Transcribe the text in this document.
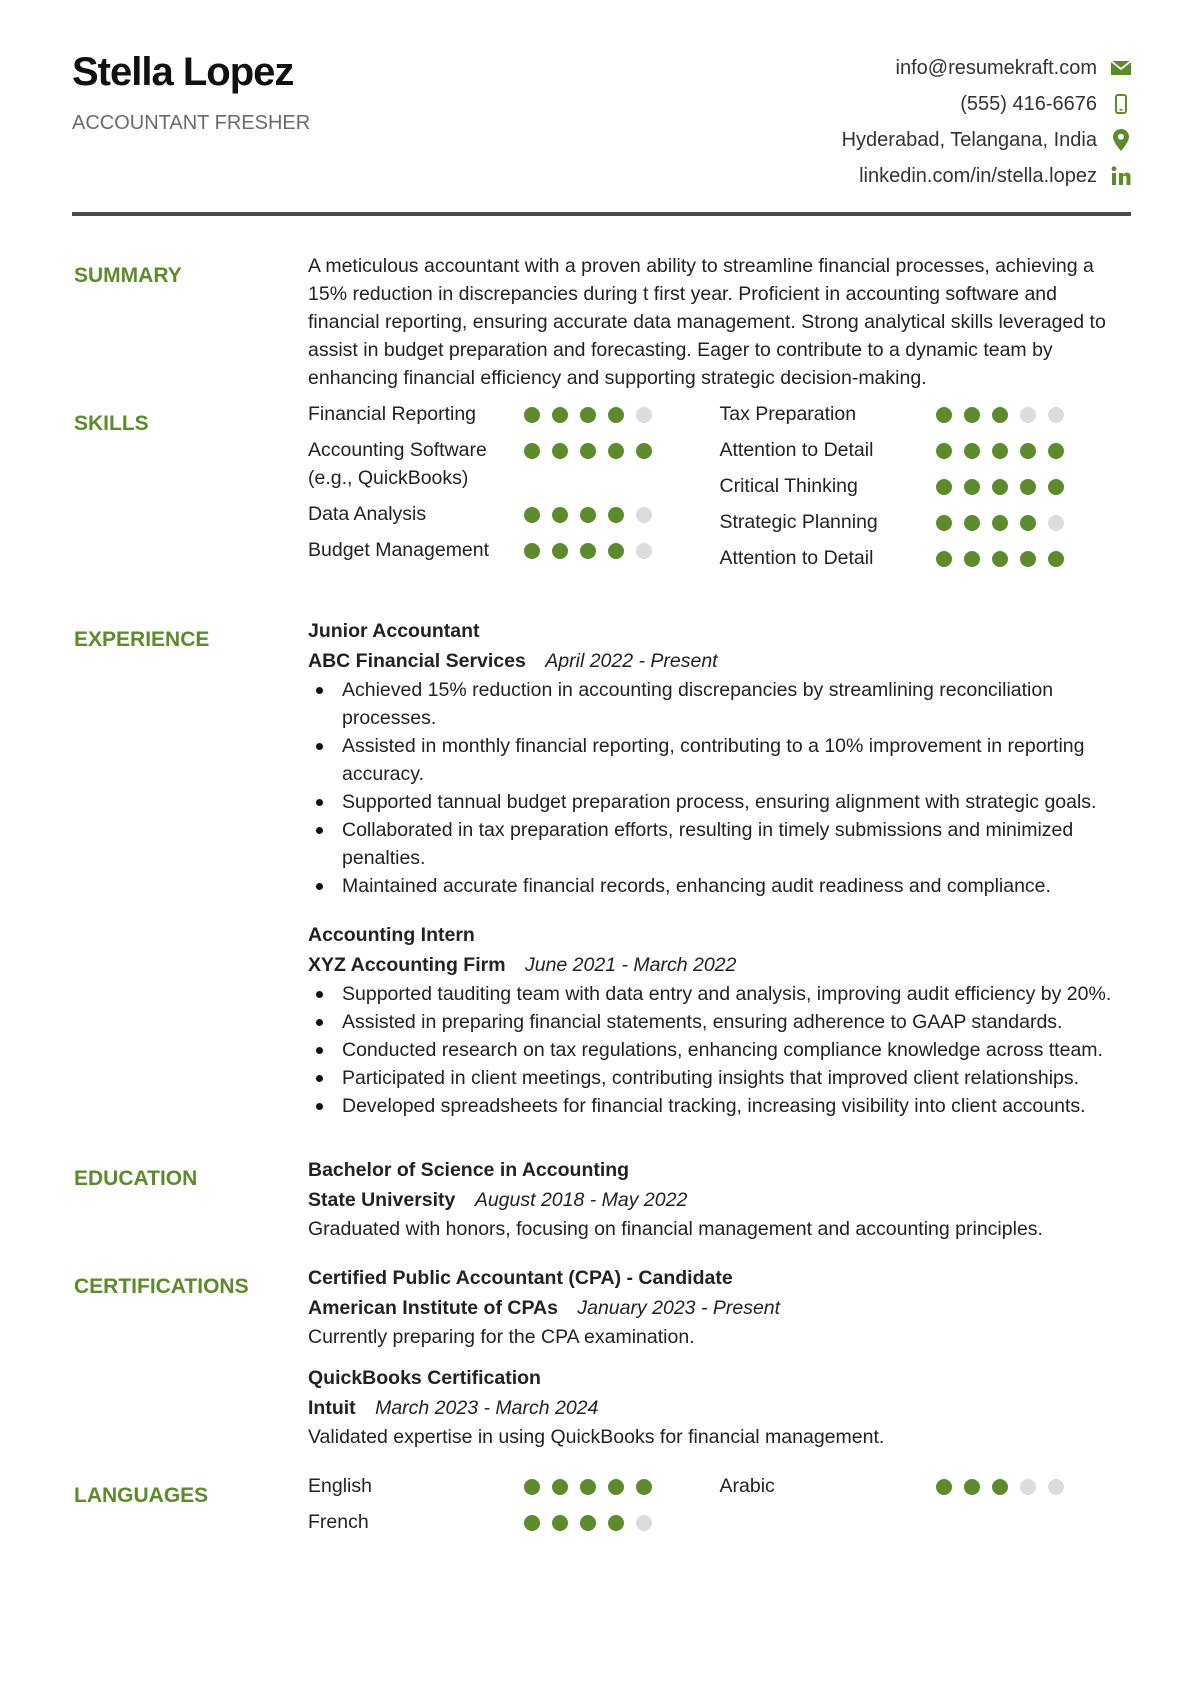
Stella Lopez
ACCOUNTANT FRESHER
info@resumekraft.com
(555) 416-6676
Hyderabad, Telangana, India
linkedin.com/in/stella.lopez
SUMMARY	A meticulous accountant with a proven ability to streamline financial processes, achieving a 15% reduction in discrepancies during t first year. Proficient in accounting software and financial reporting, ensuring accurate data management. Strong analytical skills leveraged to assist in budget preparation and forecasting. Eager to contribute to a dynamic team by enhancing financial efficiency and supporting strategic decision-making.

SKILLS	Financial Reporting
Accounting Software (e.g., QuickBooks)
Data Analysis
Budget Management
Tax Preparation
Attention to Detail
Critical Thinking
Strategic Planning
Attention to Detail
EXPERIENCE	Junior Accountant
ABC Financial Services April 2022 - Present
Achieved 15% reduction in accounting discrepancies by streamlining reconciliation processes.
Assisted in monthly financial reporting, contributing to a 10% improvement in reporting accuracy.
Supported tannual budget preparation process, ensuring alignment with strategic goals.
Collaborated in tax preparation efforts, resulting in timely submissions and minimized penalties.
Maintained accurate financial records, enhancing audit readiness and compliance.
Accounting Intern
XYZ Accounting Firm June 2021 - March 2022
Supported tauditing team with data entry and analysis, improving audit efficiency by 20%.
Assisted in preparing financial statements, ensuring adherence to GAAP standards.
Conducted research on tax regulations, enhancing compliance knowledge across tteam.
Participated in client meetings, contributing insights that improved client relationships.
Developed spreadsheets for financial tracking, increasing visibility into client accounts.
EDUCATION	Bachelor of Science in Accounting
State University August 2018 - May 2022
Graduated with honors, focusing on financial management and accounting principles.
CERTIFICATIONS	Certified Public Accountant (CPA) - Candidate
American Institute of CPAs January 2023 - Present
Currently preparing for the CPA examination.
QuickBooks Certification
Intuit March 2023 - March 2024
Validated expertise in using QuickBooks for financial management.
LANGUAGES	English
French
Arabic
